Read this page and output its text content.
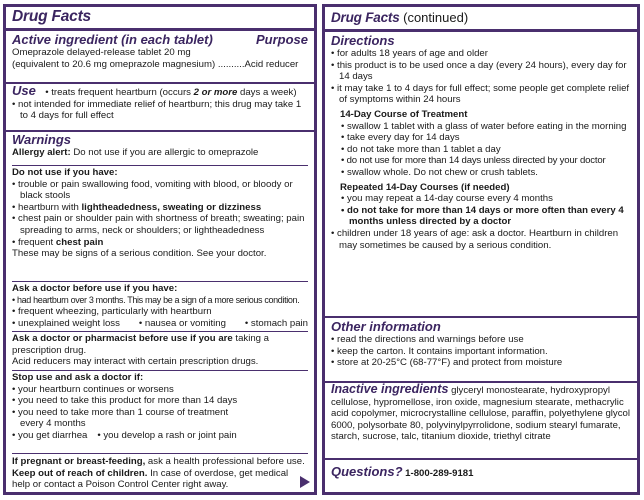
Drug Facts
Active ingredient (in each tablet)	Purpose
Omeprazole delayed-release tablet 20 mg
(equivalent to 20.6 mg omeprazole magnesium) ..........Acid reducer
Use • treats frequent heartburn (occurs 2 or more days a week)
• not intended for immediate relief of heartburn; this drug may take 1 to 4 days for full effect
Warnings
Allergy alert: Do not use if you are allergic to omeprazole
Do not use if you have:
• trouble or pain swallowing food, vomiting with blood, or bloody or black stools
• heartburn with lightheadedness, sweating or dizziness
• chest pain or shoulder pain with shortness of breath; sweating; pain spreading to arms, neck or shoulders; or lightheadedness
• frequent chest pain
These may be signs of a serious condition. See your doctor.
Ask a doctor before use if you have:
• had heartburn over 3 months. This may be a sign of a more serious condition.
• frequent wheezing, particularly with heartburn
• unexplained weight loss • nausea or vomiting • stomach pain
Ask a doctor or pharmacist before use if you are taking a prescription drug.
Acid reducers may interact with certain prescription drugs.
Stop use and ask a doctor if:
• your heartburn continues or worsens
• you need to take this product for more than 14 days
• you need to take more than 1 course of treatment every 4 months
• you get diarrhea • you develop a rash or joint pain
If pregnant or breast-feeding, ask a health professional before use.
Keep out of reach of children. In case of overdose, get medical help or contact a Poison Control Center right away.
Drug Facts (continued)
Directions
• for adults 18 years of age and older
• this product is to be used once a day (every 24 hours), every day for 14 days
• it may take 1 to 4 days for full effect; some people get complete relief of symptoms within 24 hours
14-Day Course of Treatment
• swallow 1 tablet with a glass of water before eating in the morning
• take every day for 14 days
• do not take more than 1 tablet a day
• do not use for more than 14 days unless directed by your doctor
• swallow whole. Do not chew or crush tablets.
Repeated 14-Day Courses (if needed)
• you may repeat a 14-day course every 4 months
• do not take for more than 14 days or more often than every 4 months unless directed by a doctor
• children under 18 years of age: ask a doctor. Heartburn in children may sometimes be caused by a serious condition.
Other information
• read the directions and warnings before use
• keep the carton. It contains important information.
• store at 20-25°C (68-77°F) and protect from moisture
Inactive ingredients glyceryl monostearate, hydroxypropyl cellulose, hypromellose, iron oxide, magnesium stearate, methacrylic acid copolymer, microcrystalline cellulose, paraffin, polyethylene glycol 6000, polysorbate 80, polyvinylpyrrolidone, sodium stearyl fumarate, starch, sucrose, talc, titanium dioxide, triethyl citrate
Questions? 1-800-289-9181
